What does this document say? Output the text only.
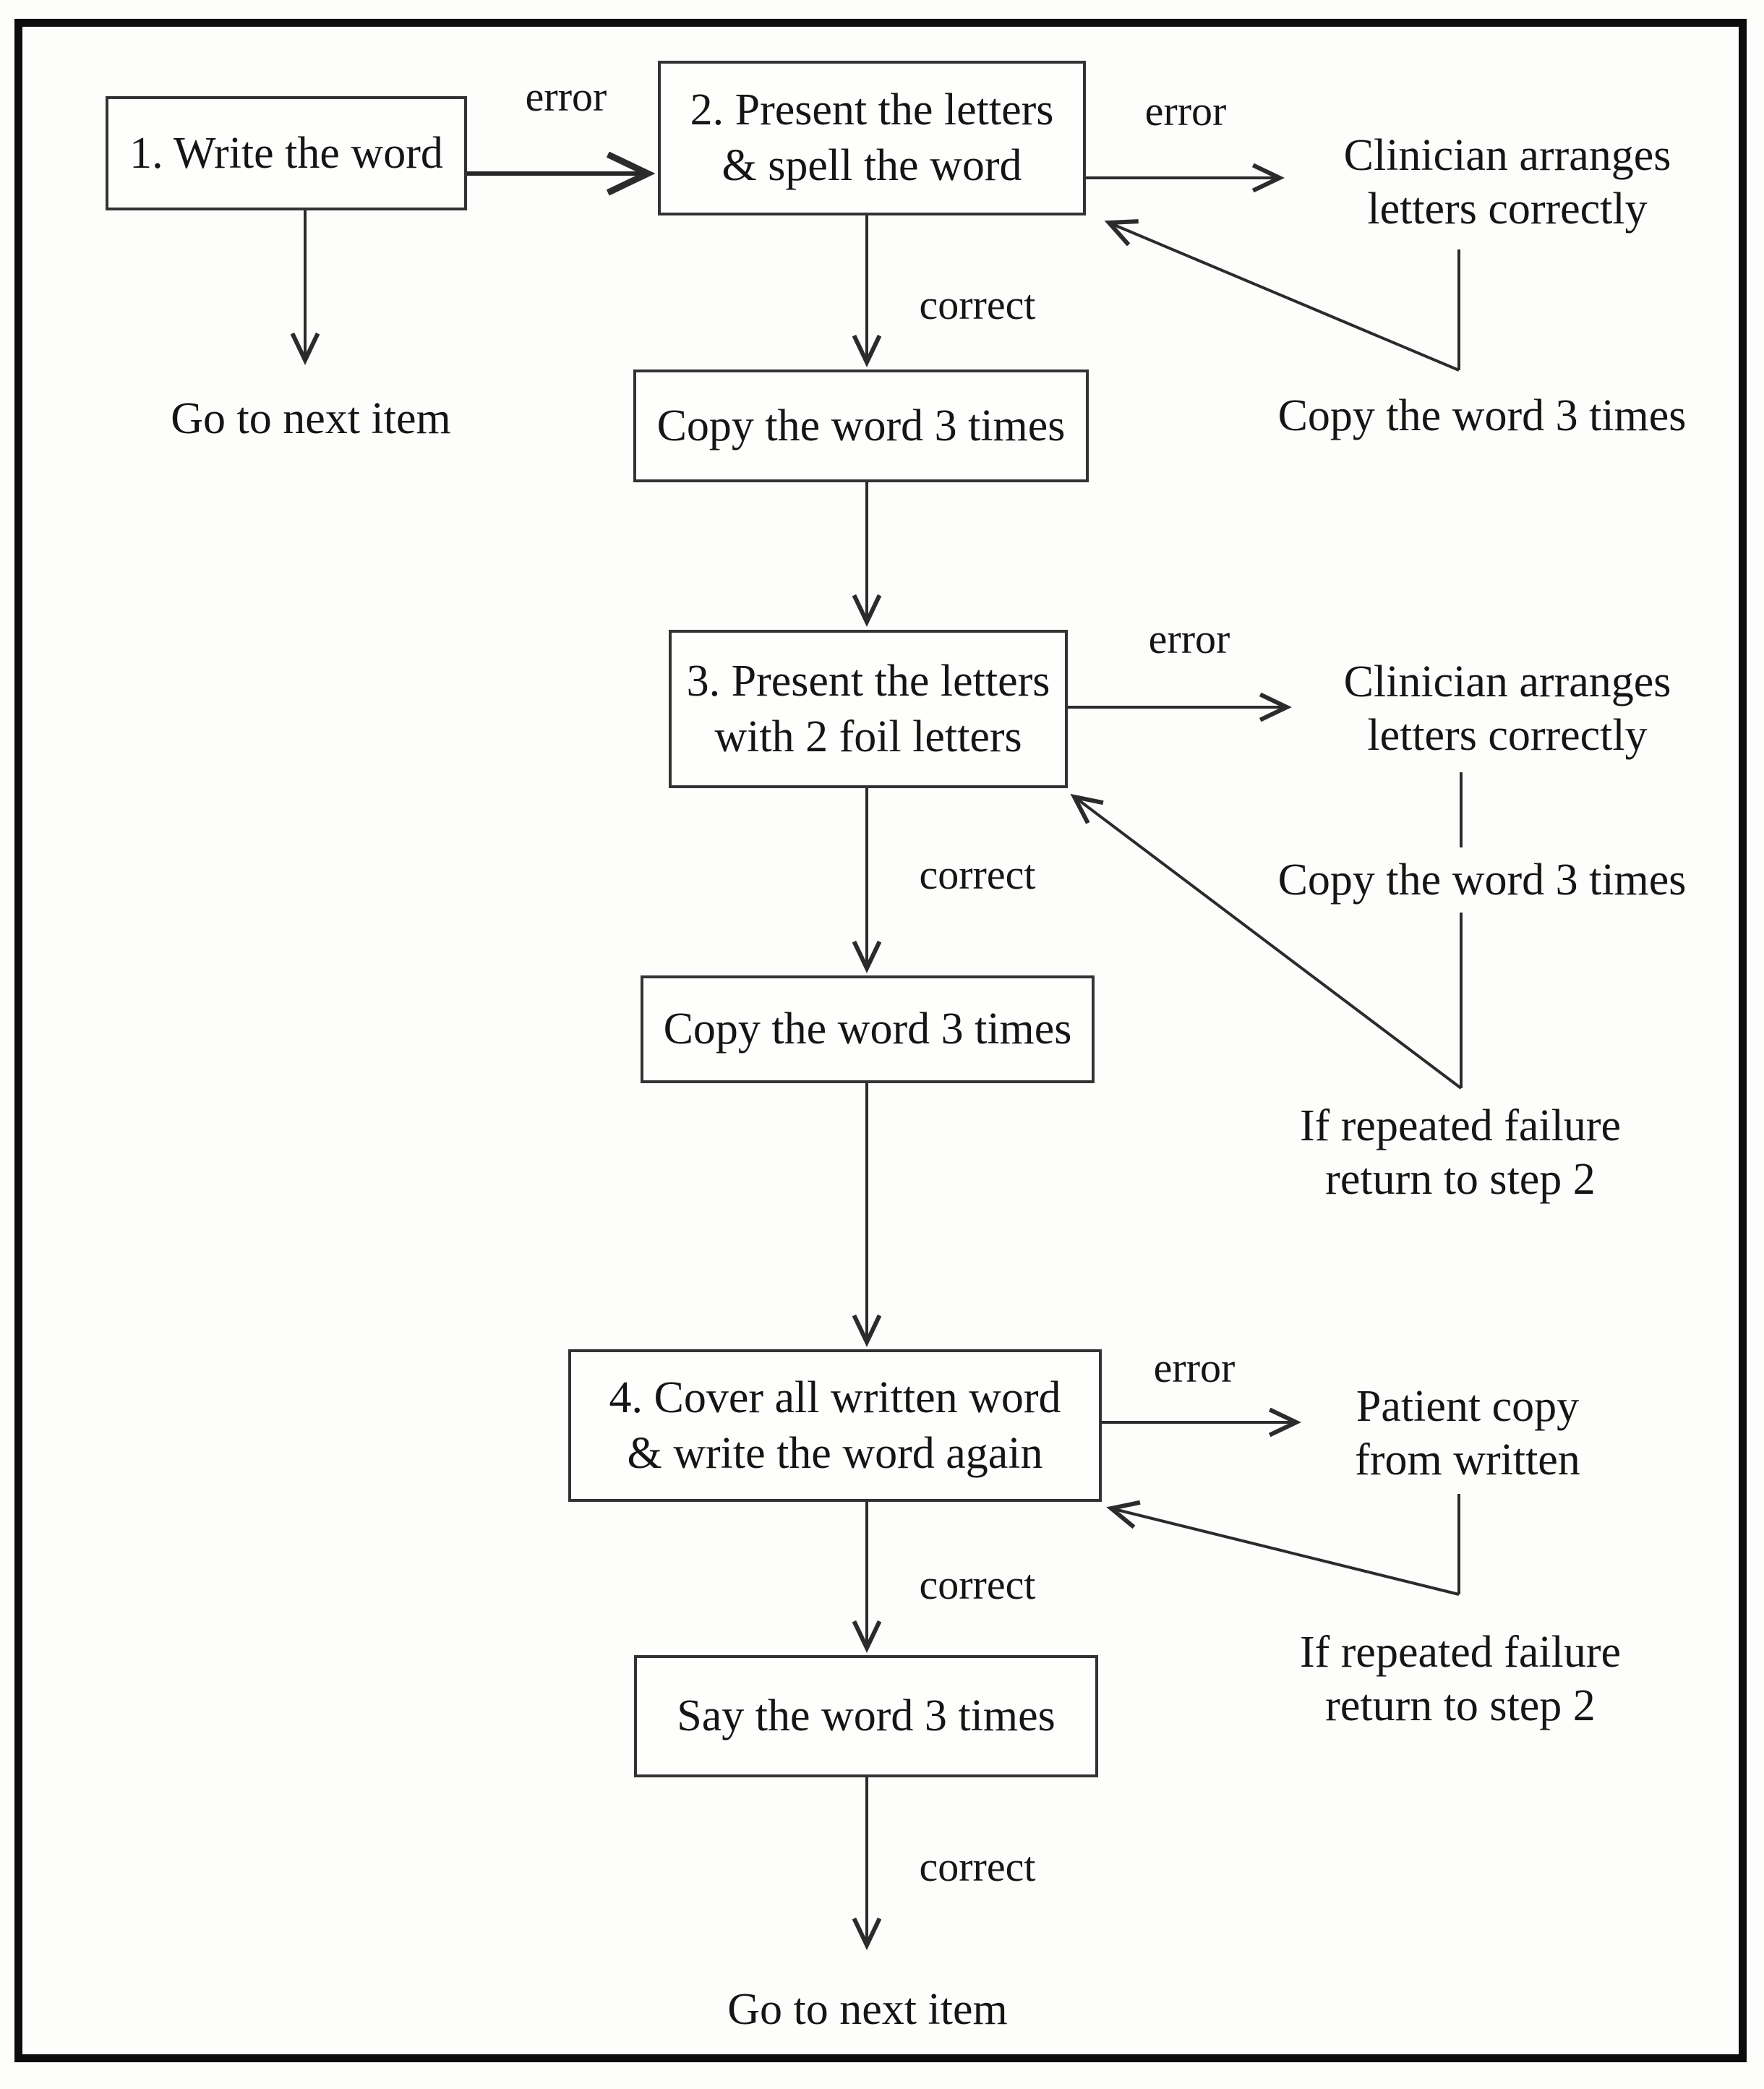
1. Write the word
2. Present the letters
& spell the word
Copy the word 3 times
3. Present the letters
with 2 foil letters
Copy the word 3 times
4. Cover all written word
& write the word again
Say the word 3 times
Go to next item
Clinician arranges
letters correctly
Copy the word 3 times
Clinician arranges
letters correctly
Copy the word 3 times
If repeated failure
return to step 2
Patient copy
from written
If repeated failure
return to step 2
Go to next item
error	error
correct
error
correct
error
correct
correct
